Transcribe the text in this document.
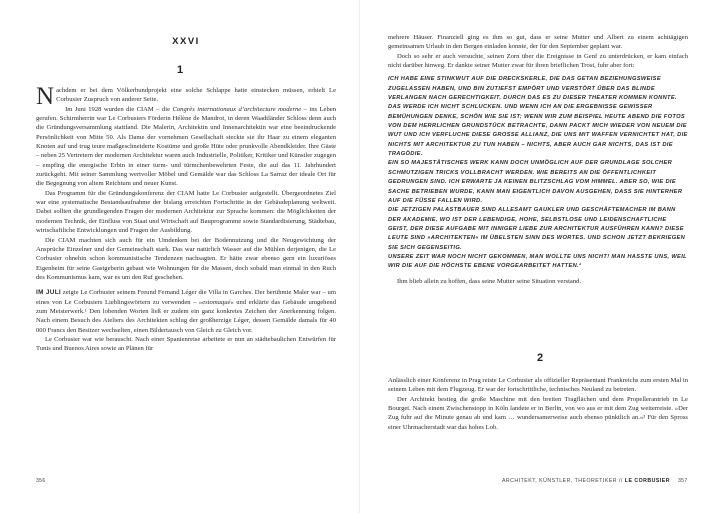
XXVI
1

Nachdem er bei dem Völkerbundprojekt eine solche Schlappe hatte einstecken müssen, erhielt Le Corbusier Zuspruch von anderer Seite.

Im Juni 1928 wurden die CIAM – die Congrès internationaux d’architecture moderne – ins Leben gerufen. Schirmherrin war Le Corbusiers Förderin Hélène de Mandrot, in deren Waadtländer Schloss denn auch die Gründungsversammlung stattfand. Die Malerin, Architektin und Innenarchitektin war eine beeindruckende Persönlichkeit von Mitte 50. Als Dame der vornehmen Gesellschaft steckte sie ihr Haar zu einem eleganten Knoten auf und trug teure maßgeschneiderte Kostüme und große Hüte oder prunkvolle Abendkleider. Ihre Gäste – neben 25 Vertretern der modernen Architektur waren auch Industrielle, Politiker, Kritiker und Künstler zugegen – empfing die energische Erbin in einer turm- und türmchenbewehrten Feste, die auf das 11. Jahrhundert zurückgeht. Mit seiner Sammlung wertvoller Möbel und Gemälde war das Schloss La Sarraz der ideale Ort für die Begegnung von altem Reichtum und neuer Kunst.

Das Programm für die Gründungskonferenz der CIAM hatte Le Corbusier aufgestellt. Übergeordnetes Ziel war eine systematische Bestandsaufnahme der bislang erreichten Fortschritte in der Gebäudeplanung weltweit. Dabei sollten die grundlegenden Fragen der modernen Architektur zur Sprache kommen: die Möglichkeiten der modernen Technik, der Einfluss von Staat und Wirtschaft auf Bauprogramme sowie Standardisierung, Städtebau, wirtschaftliche Entwicklungen und Fragen der Ausbildung.

Die CIAM machten sich auch für ein Umdenken bei der Bodennutzung und die Neugewichtung der Ansprüche Einzelner und der Gemeinschaft stark. Das war natürlich Wasser auf die Mühlen derjenigen, die Le Corbusier ohnehin schon kommunistische Tendenzen nachsagten. Er hätte zwar ebenso gern ein luxuriöses Eigenheim für seine Gastgeberin gebaut wie Wohnungen für die Massen, doch sobald man einmal in den Ruch des Kommunismus kam, war es um den Ruf geschehen.

IM JULI zeigte Le Corbusier seinem Freund Fernand Léger die Villa in Garches. Der berühmte Maler war – um eines von Le Corbusiers Lieblingswörtern zu verwenden – »estomaqué« und erklärte das Gebäude umgehend zum Meisterwerk.¹ Den lobenden Worten ließ er zudem ein ganz konkretes Zeichen der Anerkennung folgen. Nach einem Besuch des Ateliers des Architekten schlug der großherzige Léger, dessen Gemälde damals für 40 000 Francs den Besitzer wechselten, einen Bildertausch von Gleich zu Gleich vor.

Le Corbusier war wie berauscht. Nach einer Spanienreise arbeitete er nun an städtebaulichen Entwürfen für Tunis und Buenos Aires sowie an Plänen für

356

mehrere Häuser. Finanziell ging es ihm so gut, dass er seine Mutter und Albert zu einem achttägigen gemeinsamen Urlaub in den Bergen einladen konnte, der für den September geplant war.

Doch so sehr er auch versuchte, seinen Zorn über die Ereignisse in Genf zu unterdrücken, er kam einfach nicht darüber hinweg. Er dankte seiner Mutter zwar für ihren brieflichen Trost, fuhr aber fort:

ICH HABE EINE STINKWUT AUF DIE DRECKSKERLE, DIE DAS GETAN BEZIEHUNGSWEISE ZUGELASSEN HABEN, UND BIN ZUTIEFST EMPÖRT UND VERSTÖRT ÜBER DAS BLINDE VERLANGEN NACH GERECHTIGKEIT, DURCH DAS ES ZU DIESER THEATER KOMMEN KONNTE. DAS WERDE ICH NICHT SCHLUCKEN. UND WENN ICH AN DIE ERGEBNISSE GEWISSER BEMÜHUNGEN DENKE, SCHÖN WIE SIE IST; WENN WIR ZUM BEISPIEL HEUTE ABEND DIE FOTOS VON DEM HERRLICHEN GRUNDSTÜCK BETRACHTE, DANN PACKT MICH WIEDER VON NEUEM DIE WUT UND ICH VERFLUCHE DIESE GROSSE ALLIANZ, DIE UNS MIT WAFFEN VERNICHTET HAT, DIE NICHTS MIT ARCHITEKTUR ZU TUN HABEN – NICHTS, ABER AUCH GAR NICHTS, DAS IST DIE TRAGÖDIE.

EIN SO MAJESTÄTISCHES WERK KANN DOCH UNMÖGLICH AUF DER GRUNDLAGE SOLCHER SCHMUTZIGEN TRICKS VOLLBRACHT WERDEN. WIE BEREITS AN DIE ÖFFENTLICHKEIT GEDRUNGEN SIND. ICH ERWARTE JA KEINEN BLITZSCHLAG VOM HIMMEL. ABER SO, WIE DIE SACHE BETRIEBEN WURDE, KANN MAN EIGENTLICH DAVON AUSGEHEN, DASS SIE HINTERHER AUF DIE FÜSSE FALLEN WIRD.

DIE JETZIGEN PALASTBAUER SIND ALLESAMT GAUKLER UND GESCHÄFTEMACHER IM BANN DER AKADEMIE. WO IST DER LEBENDIGE, HOHE, SELBSTLOSE UND LEIDENSCHAFTLICHE GEIST, DER DIESE AUFGABE MIT INNIGER LIEBE ZUR ARCHITEKTUR AUSFÜHREN KANN? DIESE LEUTE SIND »ARCHITEKTEN« IM ÜBELSTEN SINN DES WORTES. UND SCHON JETZT BEKRIEGEN SIE SICH GEGENSEITIG.

UNSERE ZEIT WAR NOCH NICHT GEKOMMEN, MAN WOLLTE UNS NICHT! MAN HASSTE UNS, WEIL WIR DIE AUF DIE HÖCHSTE EBENE VORGEARBEITET HATTEN.²

Ihm blieb allein zu hoffen, dass seine Mutter seine Situation verstand.

2

Anlässlich einer Konferenz in Prag reiste Le Corbusier als offizieller Repräsentant Frankreichs zum ersten Mal in seinem Leben mit dem Flugzeug. Er war der fortschrittliche, technisches Neuland zu betreten.

Der Architekt bestieg die große Maschine mit den breiten Tragflächen und dem Propellerantrieb in Le Bourget. Nach einem Zwischenstopp in Köln landete er in Berlin, von wo aus er mit dem Zug weiterreiste. »Der Zug fuhr auf die Minute genau ab und kam … wundersamerweise auch ebenso pünktlich an.«³ Für den Spross einer Uhrmacherstadt war das hohes Lob.

ARCHITEKT, KÜNSTLER, THEORETIKER // LE CORBUSIER 357
